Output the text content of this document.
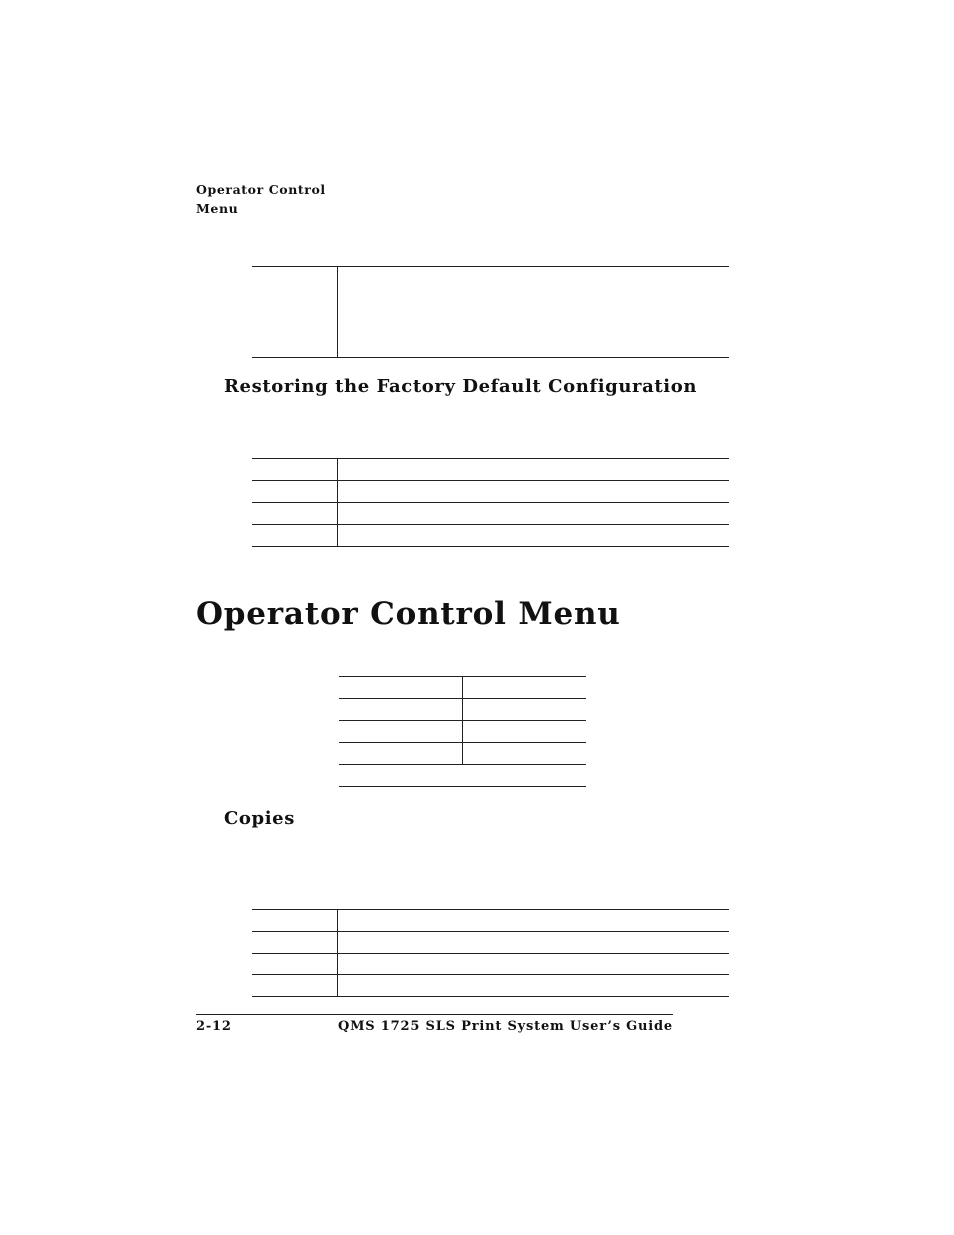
Operator Control
Menu
Restoring the Factory Default Configuration
Operator Control Menu
Copies
2-12	QMS 1725 SLS Print System User’s Guide
